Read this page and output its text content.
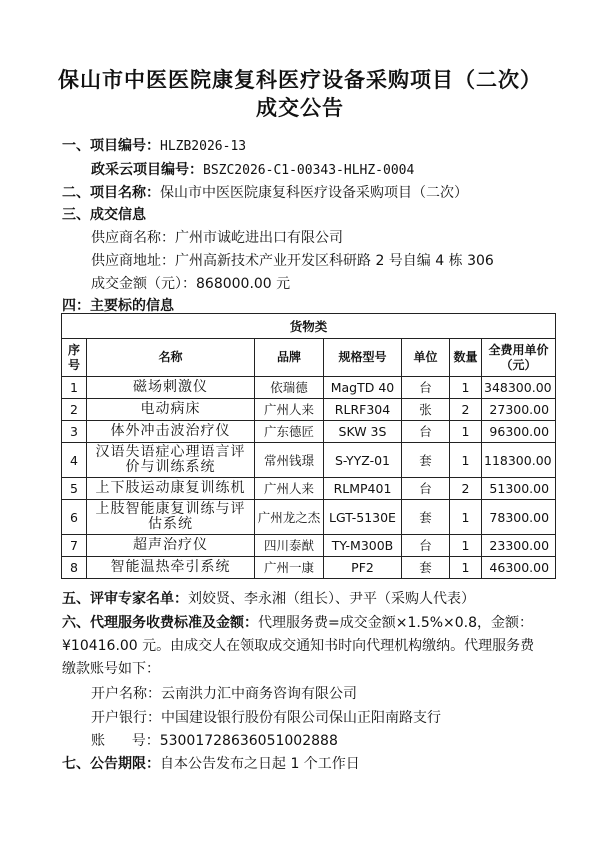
保山市中医医院康复科医疗设备采购项目（二次）
成交公告
一、项目编号：HLZB2026-13
政采云项目编号：BSZC2026-C1-00343-HLHZ-0004
二、项目名称：保山市中医医院康复科医疗设备采购项目（二次）
三、成交信息
供应商名称：广州市诚屹进出口有限公司
供应商地址：广州高新技术产业开发区科研路 2 号自编 4 栋 306
成交金额（元）：868000.00 元
四：主要标的信息
货物类						
序号	名称	品牌	规格型号	单位	数量	全费用单价（元）
1	磁场刺激仪	依瑞德	MagTD 40	台	1	348300.00
2	电动病床	广州人来	RLRF304	张	2	27300.00
3	体外冲击波治疗仪	广东德匠	SKW 3S	台	1	96300.00
4	汉语失语症心理语言评价与训练系统	常州钱璟	S-YYZ-01	套	1	118300.00
5	上下肢运动康复训练机	广州人来	RLMP401	台	2	51300.00
6	上肢智能康复训练与评估系统	广州龙之杰	LGT-5130E	套	1	78300.00
7	超声治疗仪	四川泰猷	TY-M300B	台	1	23300.00
8	智能温热牵引系统	广州一康	PF2	套	1	46300.00
五、评审专家名单：刘姣贤、李永湘（组长）、尹平（采购人代表）
六、代理服务收费标准及金额：代理服务费=成交金额×1.5%×0.8，金额：
¥10416.00 元。由成交人在领取成交通知书时向代理机构缴纳。代理服务费
缴款账号如下：
开户名称：云南洪力汇中商务咨询有限公司
开户银行：中国建设银行股份有限公司保山正阳南路支行
账      号：53001728636051002888
七、公告期限：自本公告发布之日起 1 个工作日
